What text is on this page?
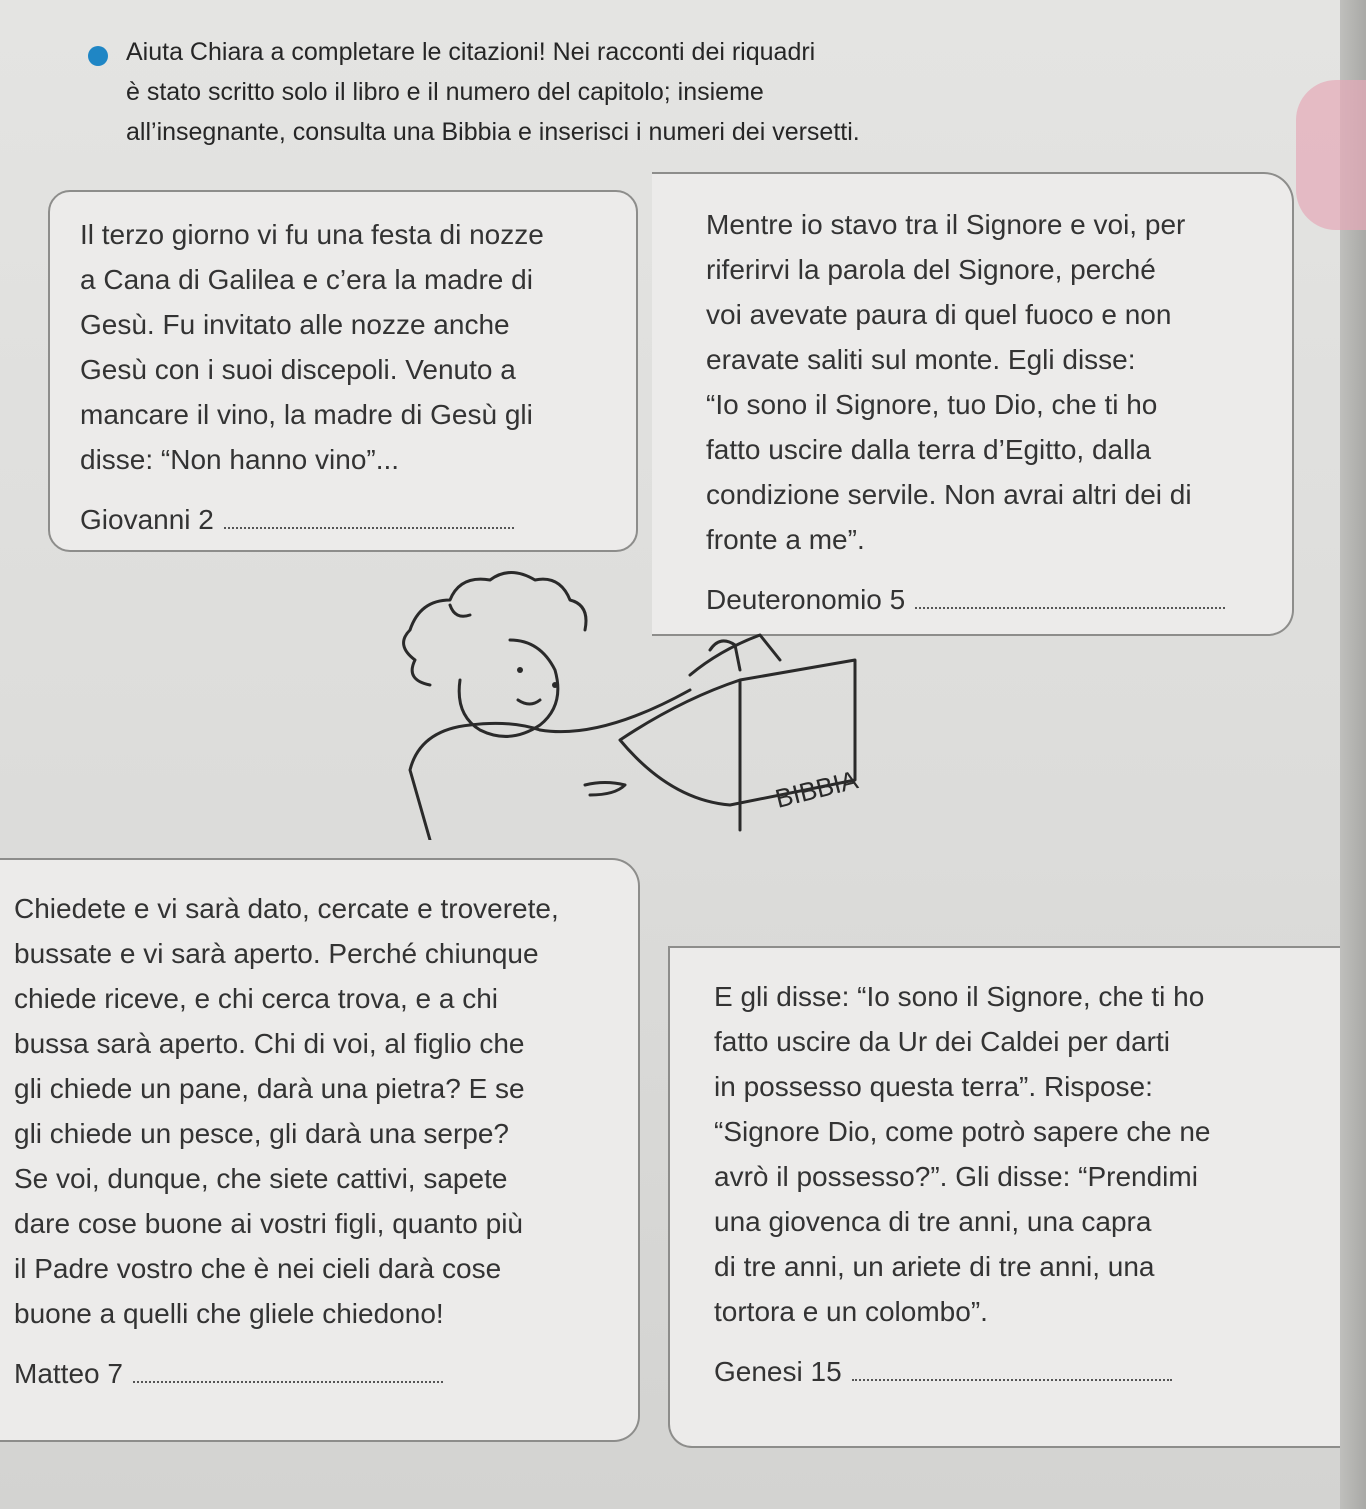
Aiuta Chiara a completare le citazioni! Nei racconti dei riquadri
è stato scritto solo il libro e il numero del capitolo; insieme
all’insegnante, consulta una Bibbia e inserisci i numeri dei versetti.

Il terzo giorno vi fu una festa di nozze

a Cana di Galilea e c’era la madre di

Gesù. Fu invitato alle nozze anche

Gesù con i suoi discepoli. Venuto a

mancare il vino, la madre di Gesù gli

disse: “Non hanno vino”...

Giovanni 2

Mentre io stavo tra il Signore e voi, per

riferirvi la parola del Signore, perché

voi avevate paura di quel fuoco e non

eravate saliti sul monte. Egli disse:

“Io sono il Signore, tuo Dio, che ti ho

fatto uscire dalla terra d’Egitto, dalla

condizione servile. Non avrai altri dei di

fronte a me”.

Deuteronomio 5
BIBBIA

Chiedete e vi sarà dato, cercate e troverete,

bussate e vi sarà aperto. Perché chiunque

chiede riceve, e chi cerca trova, e a chi

bussa sarà aperto. Chi di voi, al figlio che

gli chiede un pane, darà una pietra? E se

gli chiede un pesce, gli darà una serpe?

Se voi, dunque, che siete cattivi, sapete

dare cose buone ai vostri figli, quanto più

il Padre vostro che è nei cieli darà cose

buone a quelli che gliele chiedono!

Matteo 7

E gli disse: “Io sono il Signore, che ti ho

fatto uscire da Ur dei Caldei per darti

in possesso questa terra”. Rispose:

“Signore Dio, come potrò sapere che ne

avrò il possesso?”. Gli disse: “Prendimi

una giovenca di tre anni, una capra

di tre anni, un ariete di tre anni, una

tortora e un colombo”.

Genesi 15
